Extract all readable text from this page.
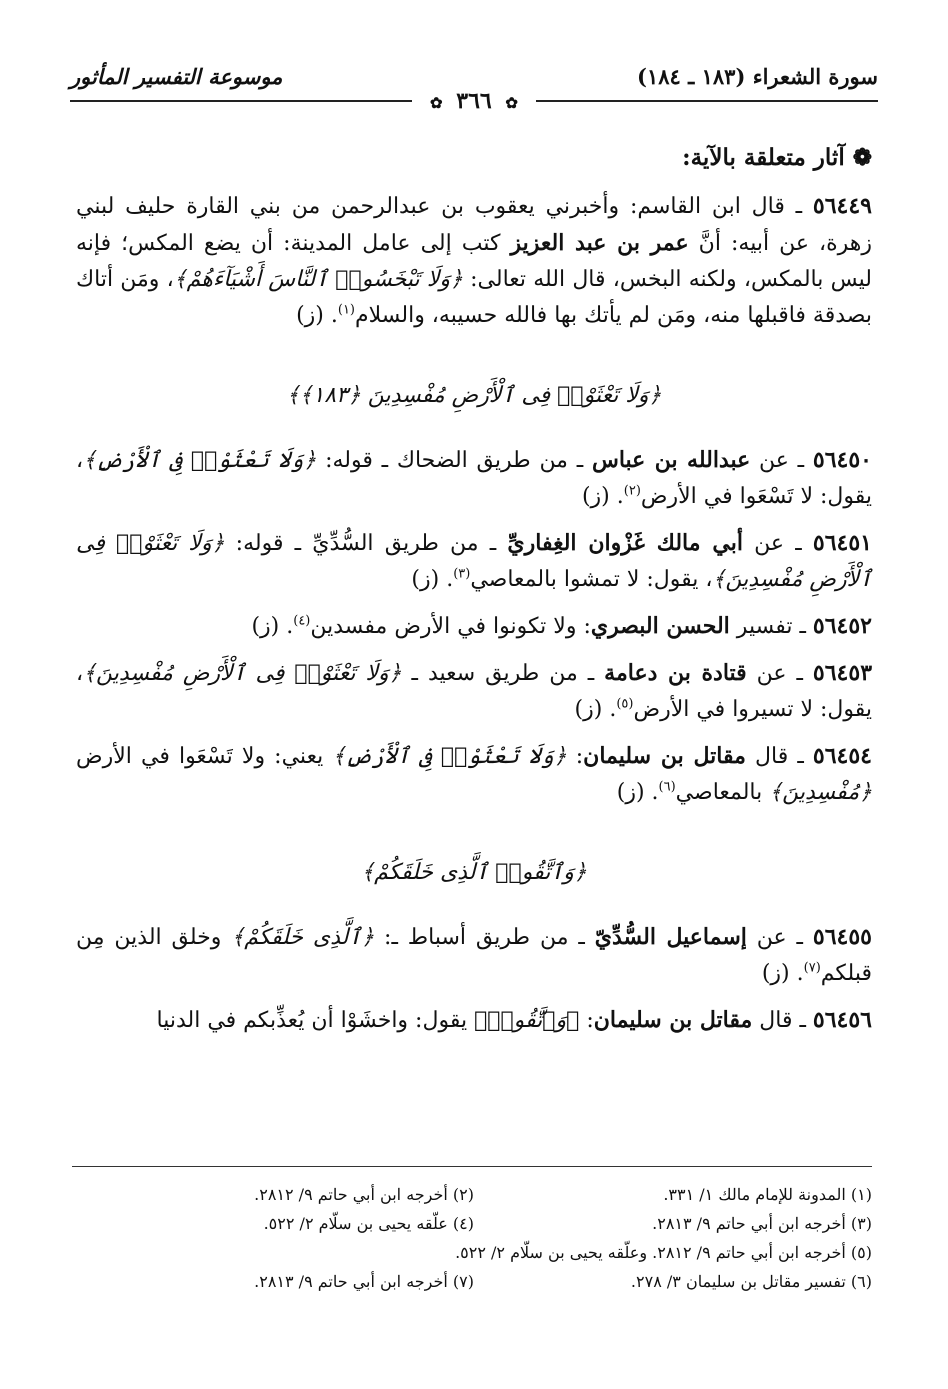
سورة الشعراء (١٨٣ ـ ١٨٤)
موسوعة التفسير المأثور
✿ ٣٦٦ ✿
❁آثار متعلقة بالآية:

٥٦٤٤٩ ـ قال ابن القاسم: وأخبرني يعقوب بن عبدالرحمن من بني القارة حليف لبني زهرة، عن أبيه: أنَّ عمر بن عبد العزيز كتب إلى عامل المدينة: أن يضع المكس؛ فإنه ليس بالمكس، ولكنه البخس، قال الله تعالى: ﴿وَلَا تَبْخَسُوا۟ ٱلنَّاسَ أَشْيَآءَهُمْ﴾، ومَن أتاك بصدقة فاقبلها منه، ومَن لم يأتك بها فالله حسيبه، والسلام$^{(١)}$. (ز)

﴿وَلَا تَعْثَوْا۟ فِى ٱلْأَرْضِ مُفْسِدِينَ ﴿١٨٣﴾﴾

٥٦٤٥٠ ـ عن عبدالله بن عباس ـ من طريق الضحاك ـ قوله: ﴿وَلَا تَعْثَوْا۟ فِى ٱلْأَرْضِ﴾، يقول: لا تَسْعَوا في الأرض$^{(٢)}$. (ز)

٥٦٤٥١ ـ عن أبي مالك غَزْوان الغِفاريِّ ـ من طريق السُّدِّيِّ ـ قوله: ﴿وَلَا تَعْثَوْا۟ فِى ٱلْأَرْضِ مُفْسِدِينَ﴾، يقول: لا تمشوا بالمعاصي$^{(٣)}$. (ز)

٥٦٤٥٢ ـ تفسير الحسن البصري: ولا تكونوا في الأرض مفسدين$^{(٤)}$. (ز)

٥٦٤٥٣ ـ عن قتادة بن دعامة ـ من طريق سعيد ـ ﴿وَلَا تَعْثَوْا۟ فِى ٱلْأَرْضِ مُفْسِدِينَ﴾، يقول: لا تسيروا في الأرض$^{(٥)}$. (ز)

٥٦٤٥٤ ـ قال مقاتل بن سليمان: ﴿وَلَا تَعْثَوْا۟ فِى ٱلْأَرْضِ﴾ يعني: ولا تَسْعَوا في الأرض ﴿مُفْسِدِينَ﴾ بالمعاصي$^{(٦)}$. (ز)

﴿وَٱتَّقُوا۟ ٱلَّذِى خَلَقَكُمْ﴾

٥٦٤٥٥ ـ عن إسماعيل السُّدِّيّ ـ من طريق أسباط ـ: ﴿ٱلَّذِى خَلَقَكُمْ﴾ وخلق الذين مِن قبلكم$^{(٧)}$. (ز)

٥٦٤٥٦ ـ قال مقاتل بن سليمان: ﴿وَٱتَّقُوا۟﴾ يقول: واخشَوْا أن يُعذِّبكم في الدنيا

(١) المدونة للإمام مالك ١/ ٣٣١.
(٢) أخرجه ابن أبي حاتم ٩/ ٢٨١٢.
(٣) أخرجه ابن أبي حاتم ٩/ ٢٨١٣.
(٤) علّقه يحيى بن سلّام ٢/ ٥٢٢.
(٥) أخرجه ابن أبي حاتم ٩/ ٢٨١٢. وعلّقه يحيى بن سلّام ٢/ ٥٢٢.
(٦) تفسير مقاتل بن سليمان ٣/ ٢٧٨.
(٧) أخرجه ابن أبي حاتم ٩/ ٢٨١٣.
